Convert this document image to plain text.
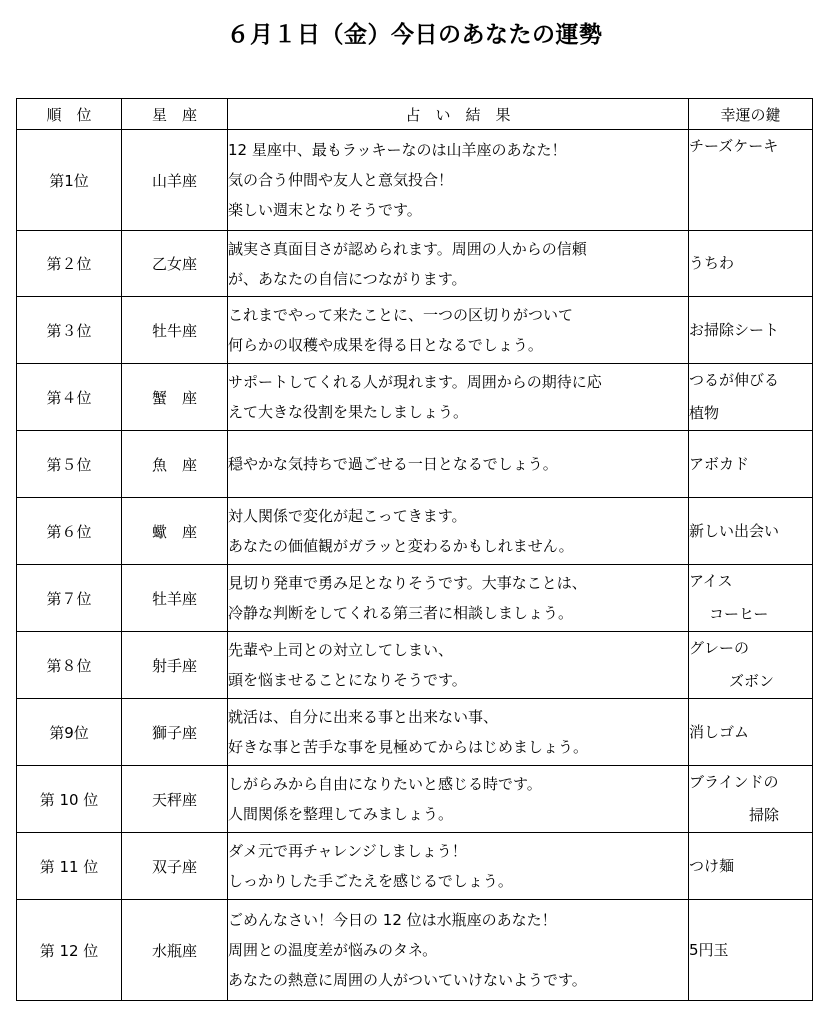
６月１日（金）今日のあなたの運勢
順　位	星　座	占　い　結　果	幸運の鍵
第1位	山羊座	12 星座中、最もラッキーなのは山羊座のあなた！
気の合う仲間や友人と意気投合！
楽しい週末となりそうです。	チーズケーキ

第２位	乙女座	誠実さ真面目さが認められます。周囲の人からの信頼
が、あなたの自信につながります。	うちわ

第３位	牡牛座	これまでやって来たことに、一つの区切りがついて
何らかの収穫や成果を得る日となるでしょう。	お掃除シート

第４位	蟹　座	サポートしてくれる人が現れます。周囲からの期待に応
えて大きな役割を果たしましょう。	つるが伸びる
植物

第５位	魚　座	穏やかな気持ちで過ごせる一日となるでしょう。	アボカド

第６位	蠍　座	対人関係で変化が起こってきます。
あなたの価値観がガラッと変わるかもしれません。	新しい出会い

第７位	牡羊座	見切り発車で勇み足となりそうです。大事なことは、
冷静な判断をしてくれる第三者に相談しましょう。	アイス
コーヒー

第８位	射手座	先輩や上司との対立してしまい、
頭を悩ませることになりそうです。	グレーの
ズボン

第9位	獅子座	就活は、自分に出来る事と出来ない事、
好きな事と苦手な事を見極めてからはじめましょう。	消しゴム

第 10 位	天秤座	しがらみから自由になりたいと感じる時です。
人間関係を整理してみましょう。	ブラインドの
掃除

第 11 位	双子座	ダメ元で再チャレンジしましょう！
しっかりした手ごたえを感じるでしょう。	つけ麺

第 12 位	水瓶座	ごめんなさい！今日の 12 位は水瓶座のあなた！
周囲との温度差が悩みのタネ。
あなたの熱意に周囲の人がついていけないようです。	5円玉
